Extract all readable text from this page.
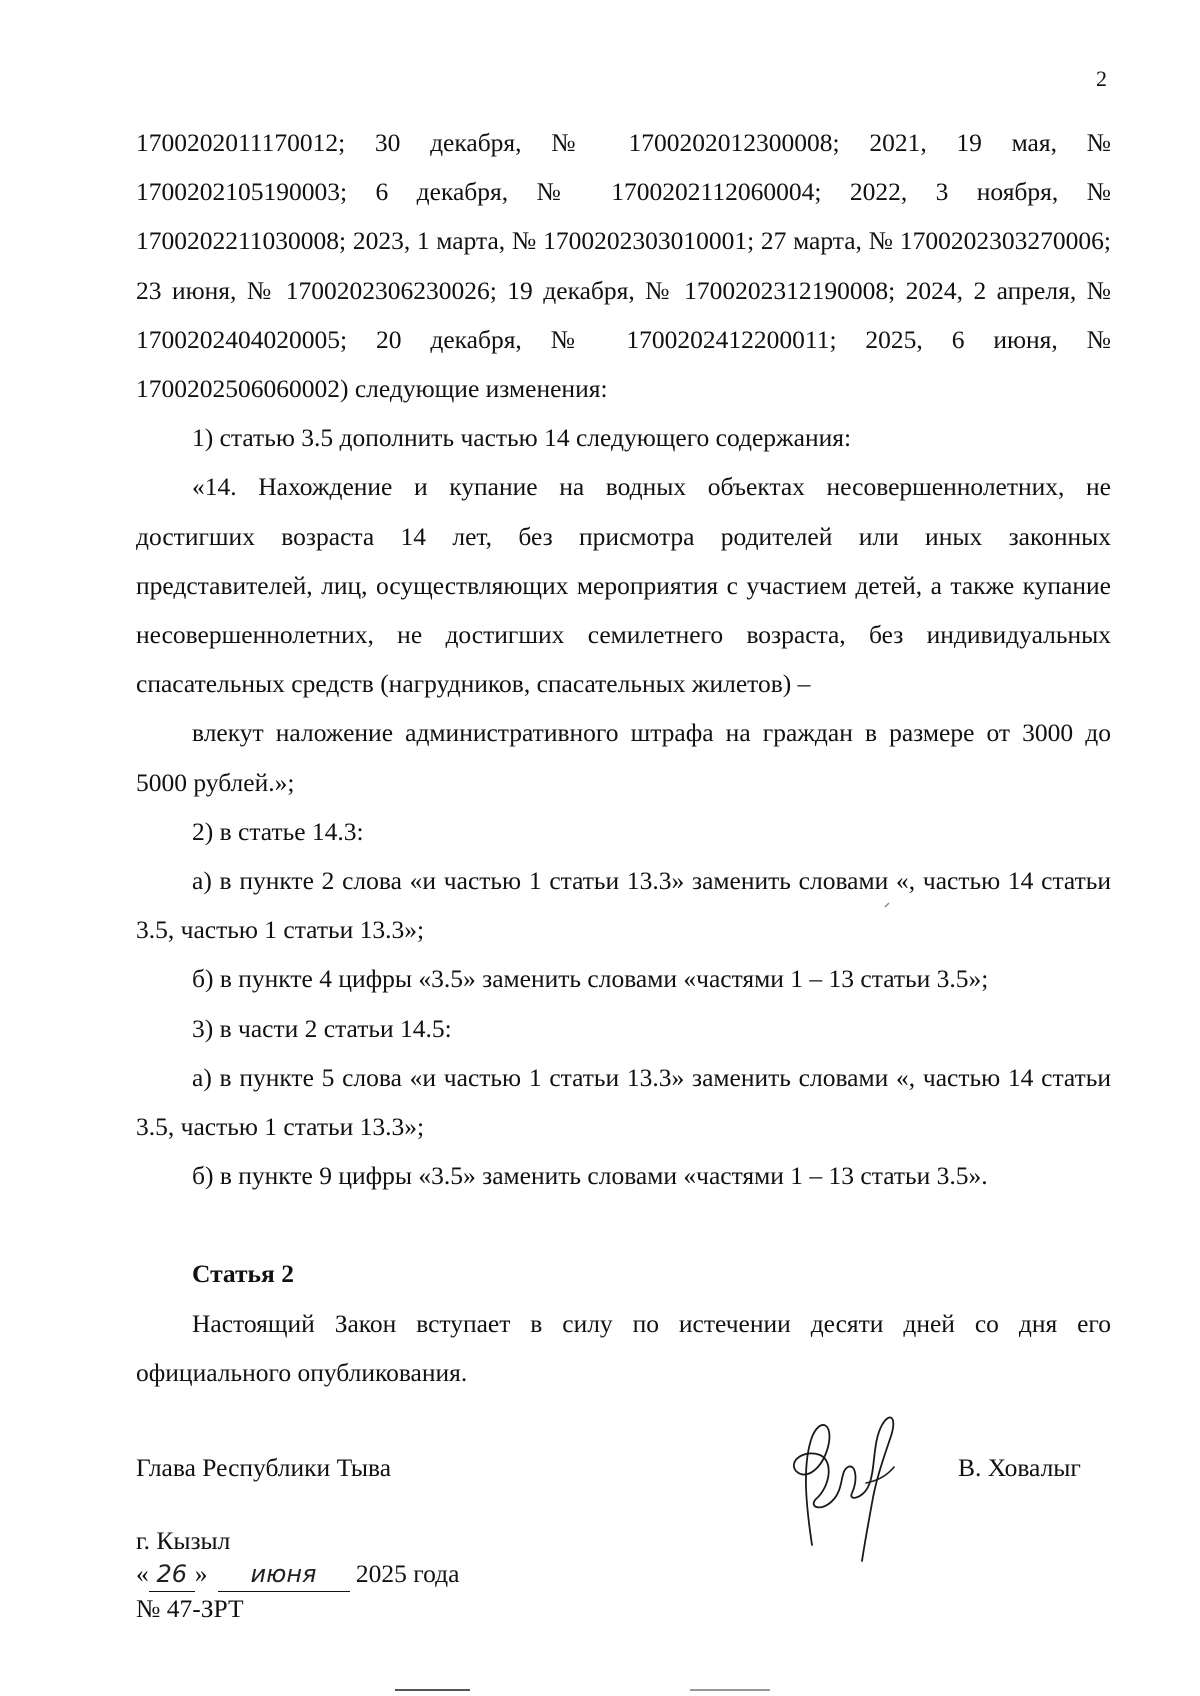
2

1700202011170012; 30 декабря, № 1700202012300008; 2021, 19 мая, № 1700202105190003; 6 декабря, № 1700202112060004; 2022, 3 ноября, № 1700202211030008; 2023, 1 марта, № 1700202303010001; 27 марта, № 1700202303270006; 23 июня, № 1700202306230026; 19 декабря, № 1700202312190008; 2024, 2 апреля, № 1700202404020005; 20 декабря, № 1700202412200011; 2025, 6 июня, № 1700202506060002) следующие изменения:

1) статью 3.5 дополнить частью 14 следующего содержания:

«14. Нахождение и купание на водных объектах несовершеннолетних, не достигших возраста 14 лет, без присмотра родителей или иных законных представителей, лиц, осуществляющих мероприятия с участием детей, а также купание несовершеннолетних, не достигших семилетнего возраста, без индивидуальных спасательных средств (нагрудников, спасательных жилетов) –

влекут наложение административного штрафа на граждан в размере от 3000 до 5000 рублей.»;

2) в статье 14.3:

а) в пункте 2 слова «и частью 1 статьи 13.3» заменить словами «, частью 14 статьи 3.5, частью 1 статьи 13.3»;

б) в пункте 4 цифры «3.5» заменить словами «частями 1 – 13 статьи 3.5»;

3) в части 2 статьи 14.5:

а) в пункте 5 слова «и частью 1 статьи 13.3» заменить словами «, частью 14 статьи 3.5, частью 1 статьи 13.3»;

б) в пункте 9 цифры «3.5» заменить словами «частями 1 – 13 статьи 3.5».

Статья 2

Настоящий Закон вступает в силу по истечении десяти дней со дня его официального опубликования.

Глава Республики Тыва	В. Ховалыг
г. Кызыл
« 26 » июня 2025 года
№ 47-ЗРТ
